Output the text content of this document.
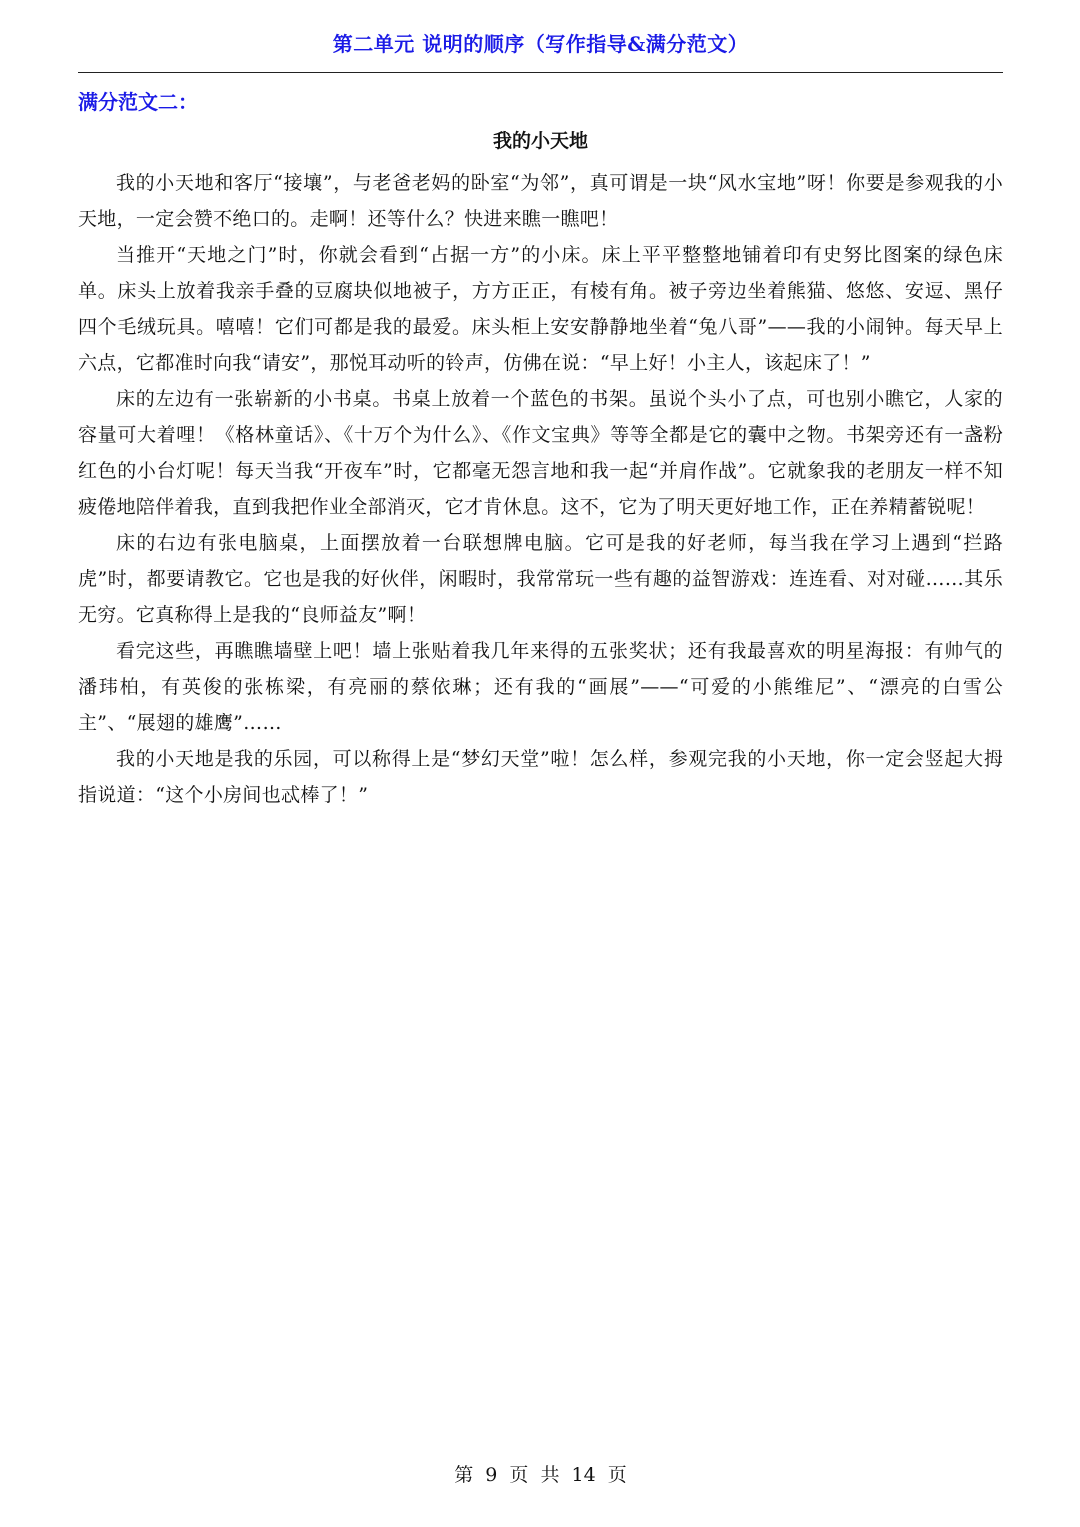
第二单元 说明的顺序（写作指导&满分范文）
满分范文二：
我的小天地

我的小天地和客厅“接壤”，与老爸老妈的卧室“为邻”，真可谓是一块“风水宝地”呀！你要是参观我的小天地，一定会赞不绝口的。走啊！还等什么？快进来瞧一瞧吧！

当推开“天地之门”时，你就会看到“占据一方”的小床。床上平平整整地铺着印有史努比图案的绿色床单。床头上放着我亲手叠的豆腐块似地被子，方方正正，有棱有角。被子旁边坐着熊猫、悠悠、安逗、黑仔四个毛绒玩具。嘻嘻！它们可都是我的最爱。床头柜上安安静静地坐着“兔八哥”——我的小闹钟。每天早上六点，它都准时向我“请安”，那悦耳动听的铃声，仿佛在说：“早上好！小主人，该起床了！”

床的左边有一张崭新的小书桌。书桌上放着一个蓝色的书架。虽说个头小了点，可也别小瞧它，人家的容量可大着哩！《格林童话》、《十万个为什么》、《作文宝典》等等全都是它的囊中之物。书架旁还有一盏粉红色的小台灯呢！每天当我“开夜车”时，它都毫无怨言地和我一起“并肩作战”。它就象我的老朋友一样不知疲倦地陪伴着我，直到我把作业全部消灭，它才肯休息。这不，它为了明天更好地工作，正在养精蓄锐呢！

床的右边有张电脑桌，上面摆放着一台联想牌电脑。它可是我的好老师，每当我在学习上遇到“拦路虎”时，都要请教它。它也是我的好伙伴，闲暇时，我常常玩一些有趣的益智游戏：连连看、对对碰……其乐无穷。它真称得上是我的“良师益友”啊！

看完这些，再瞧瞧墙壁上吧！墙上张贴着我几年来得的五张奖状；还有我最喜欢的明星海报：有帅气的潘玮柏，有英俊的张栋梁，有亮丽的蔡依琳；还有我的“画展”——“可爱的小熊维尼”、“漂亮的白雪公主”、“展翅的雄鹰”……

我的小天地是我的乐园，可以称得上是“梦幻天堂”啦！怎么样，参观完我的小天地，你一定会竖起大拇指说道：“这个小房间也忒棒了！”

第 9 页 共 14 页
